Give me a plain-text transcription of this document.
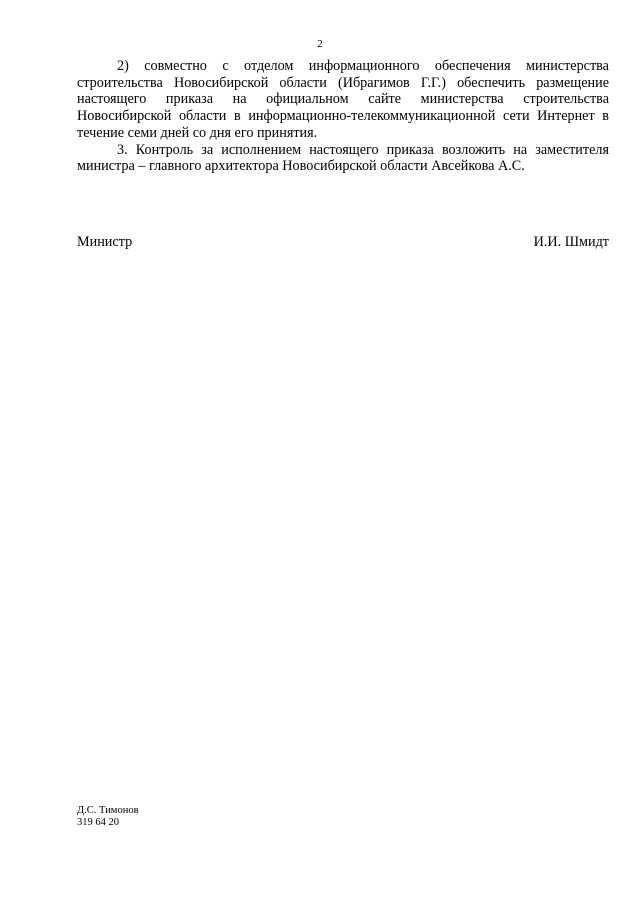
2

2) совместно с отделом информационного обеспечения министерства строительства Новосибирской области (Ибрагимов Г.Г.) обеспечить размещение настоящего приказа на официальном сайте министерства строительства Новосибирской области в информационно-телекоммуникационной сети Интернет в течение семи дней со дня его принятия.

3. Контроль за исполнением настоящего приказа возложить на заместителя министра – главного архитектора Новосибирской области Авсейкова А.С.

Министр	И.И. Шмидт
Д.С. Тимонов
319 64 20
